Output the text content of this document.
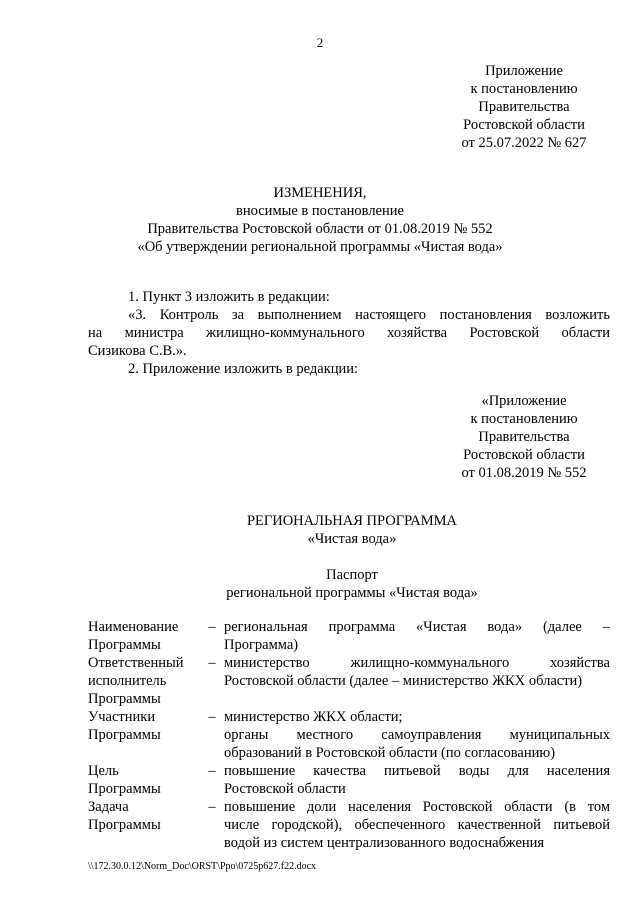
2
Приложение
к постановлению
Правительства
Ростовской области
от 25.07.2022 № 627
ИЗМЕНЕНИЯ,
вносимые в постановление
Правительства Ростовской области от 01.08.2019 № 552
«Об утверждении региональной программы «Чистая вода»
1. Пункт 3 изложить в редакции:
«3. Контроль за выполнением настоящего постановления возложить
на министра жилищно-коммунального хозяйства Ростовской области
Сизикова С.В.».
2. Приложение изложить в редакции:
«Приложение
к постановлению
Правительства
Ростовской области
от 01.08.2019 № 552
РЕГИОНАЛЬНАЯ ПРОГРАММА
«Чистая вода»
Паспорт
региональной программы «Чистая вода»
Наименование
Программы
– региональная программа «Чистая вода» (далее –
Программа)
Ответственный
исполнитель
Программы
– министерство жилищно-коммунального хозяйства
Ростовской области (далее – министерство ЖКХ области)
Участники
Программы
– министерство ЖКХ области;
органы местного самоуправления муниципальных
образований в Ростовской области (по согласованию)
Цель
Программы
– повышение качества питьевой воды для населения
Ростовской области
Задача
Программы
– повышение доли населения Ростовской области (в том
числе городской), обеспеченного качественной питьевой
водой из систем централизованного водоснабжения
\\172.30.0.12\Norm_Doc\ORST\Ppo\0725p627.f22.docx
